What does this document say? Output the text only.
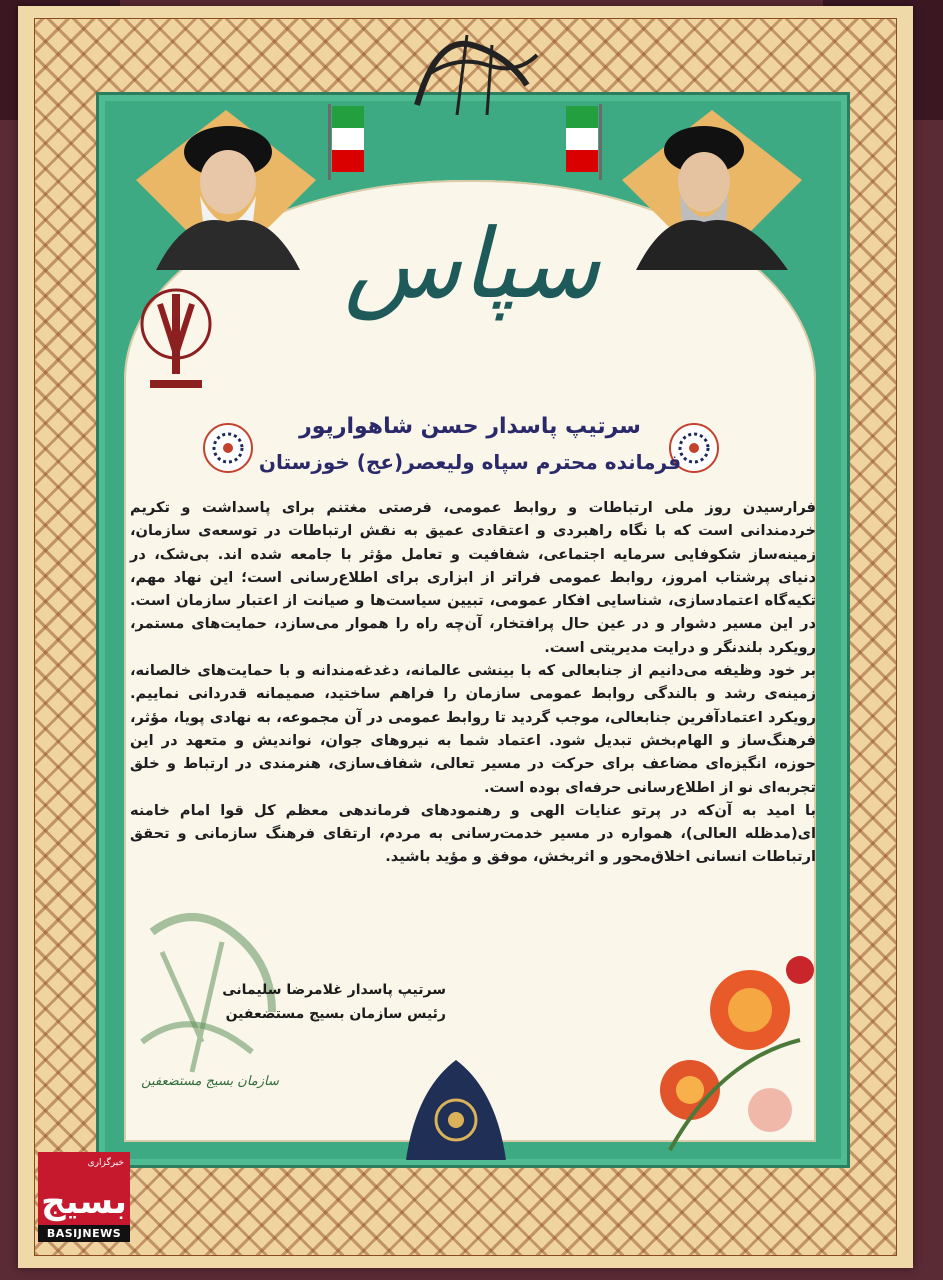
سپاس
سرتیپ پاسدار حسن شاهوارپور
فرمانده محترم سپاه ولیعصر(عج) خوزستان

فرارسیدن روز ملی ارتباطات و روابط عمومی، فرصتی مغتنم برای پاسداشت و تکریم خردمندانی است که با نگاه راهبردی و اعتقادی عمیق به نقش ارتباطات در توسعه‌ی سازمان، زمینه‌ساز شکوفایی سرمایه اجتماعی، شفافیت و تعامل مؤثر با جامعه شده اند. بی‌شک، در دنیای پرشتاب امروز، روابط عمومی فراتر از ابزاری برای اطلاع‌رسانی است؛ این نهاد مهم، تکیه‌گاه اعتمادسازی، شناسایی افکار عمومی، تبیین سیاست‌ها و صیانت از اعتبار سازمان است. در این مسیر دشوار و در عین حال پرافتخار، آن‌چه راه را هموار می‌سازد، حمایت‌های مستمر، رویکرد بلندنگر و درایت مدیریتی است.

بر خود وظیفه می‌دانیم از جنابعالی که با بینشی عالمانه، دغدغه‌مندانه و با حمایت‌های خالصانه، زمینه‌ی رشد و بالندگی روابط عمومی سازمان را فراهم ساختید، صمیمانه قدردانی نماییم. رویکرد اعتمادآفرین جنابعالی، موجب گردید تا روابط عمومی در آن مجموعه، به نهادی پویا، مؤثر، فرهنگ‌ساز و الهام‌بخش تبدیل شود. اعتماد شما به نیروهای جوان، نواندیش و متعهد در این حوزه، انگیزه‌ای مضاعف برای حرکت در مسیر تعالی، شفاف‌سازی، هنرمندی در ارتباط و خلق تجربه‌ای نو از اطلاع‌رسانی حرفه‌ای بوده است.

با امید به آن‌که در پرتو عنایات الهی و رهنمودهای فرماندهی معظم کل قوا امام خامنه ای(مدظله العالی)، همواره در مسیر خدمت‌رسانی به مردم، ارتقای فرهنگ سازمانی و تحقق ارتباطات انسانی اخلاق‌محور و اثربخش، موفق و مؤید باشید.

سازمان بسیج مستضعفین
سرتیپ پاسدار غلامرضا سلیمانی
رئیس سازمان بسیج مستضعفین
خبرگزاری
بسیج
BASIJNEWS
